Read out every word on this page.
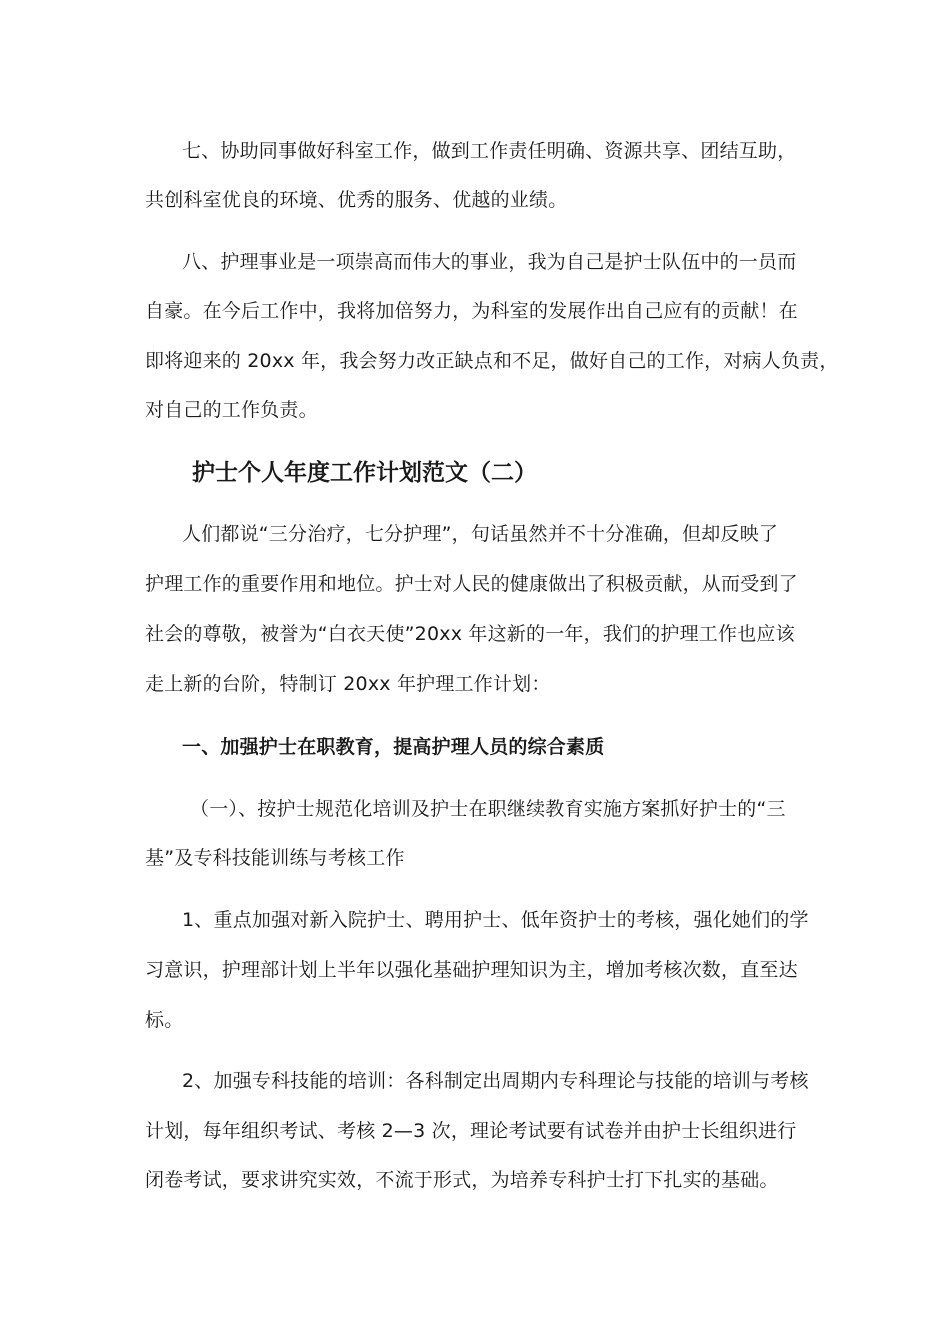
七、协助同事做好科室工作，做到工作责任明确、资源共享、团结互助，
共创科室优良的环境、优秀的服务、优越的业绩。
八、护理事业是一项崇高而伟大的事业，我为自己是护士队伍中的一员而
自豪。在今后工作中，我将加倍努力，为科室的发展作出自己应有的贡献！在
即将迎来的 20xx 年，我会努力改正缺点和不足，做好自己的工作，对病人负责，
对自己的工作负责。
护士个人年度工作计划范文（二）
人们都说“三分治疗，七分护理”，句话虽然并不十分准确，但却反映了
护理工作的重要作用和地位。护士对人民的健康做出了积极贡献，从而受到了
社会的尊敬，被誉为“白衣天使”20xx 年这新的一年，我们的护理工作也应该
走上新的台阶，特制订 20xx 年护理工作计划：
一、加强护士在职教育，提高护理人员的综合素质
（一）、按护士规范化培训及护士在职继续教育实施方案抓好护士的“三
基”及专科技能训练与考核工作
1、重点加强对新入院护士、聘用护士、低年资护士的考核，强化她们的学
习意识，护理部计划上半年以强化基础护理知识为主，增加考核次数，直至达
标。
2、加强专科技能的培训：各科制定出周期内专科理论与技能的培训与考核
计划，每年组织考试、考核 2—3 次，理论考试要有试卷并由护士长组织进行
闭卷考试，要求讲究实效，不流于形式，为培养专科护士打下扎实的基础。
